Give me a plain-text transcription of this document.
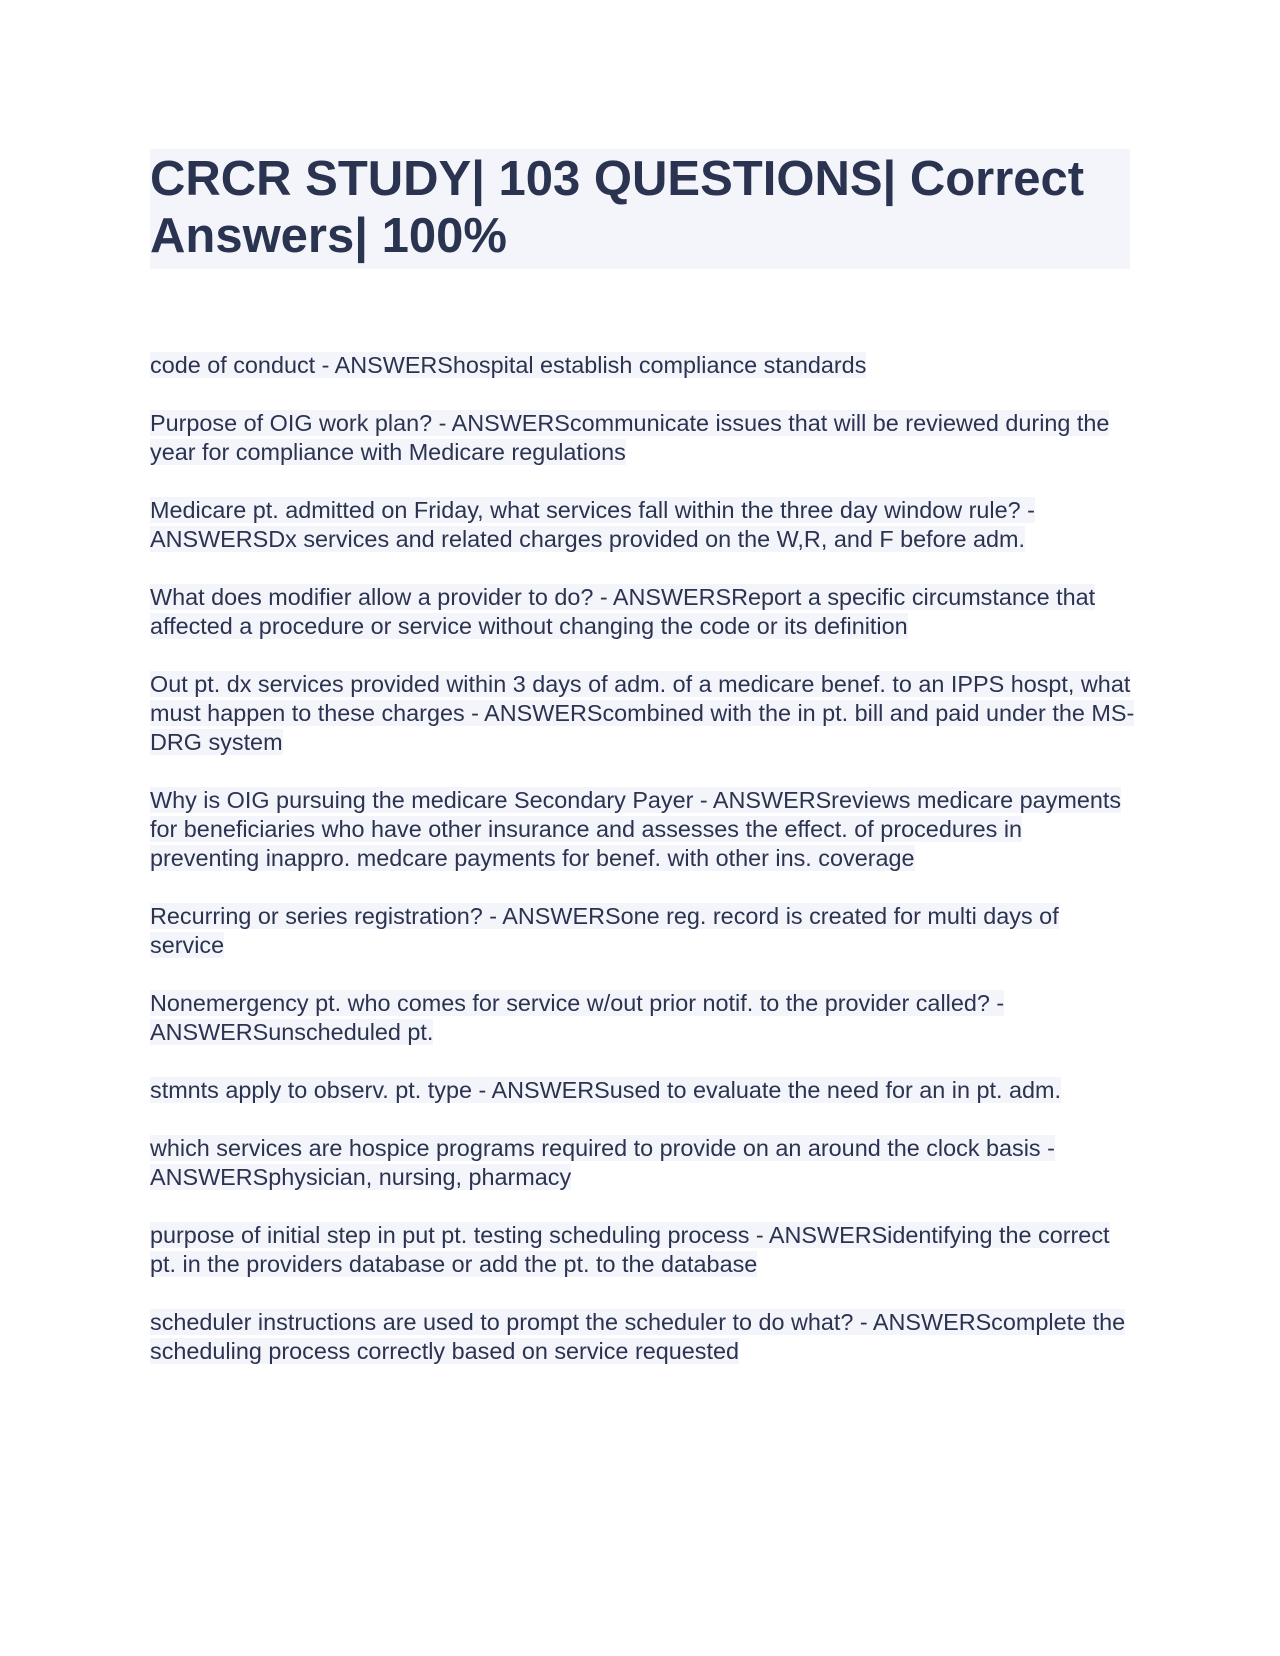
CRCR STUDY| 103 QUESTIONS| Correct Answers| 100%
code of conduct - ANSWERShospital establish compliance standards
Purpose of OIG work plan? - ANSWERScommunicate issues that will be reviewed during the year for compliance with Medicare regulations
Medicare pt. admitted on Friday, what services fall within the three day window rule? - ANSWERSDx services and related charges provided on the W,R, and F before adm.
What does modifier allow a provider to do? - ANSWERSReport a specific circumstance that affected a procedure or service without changing the code or its definition
Out pt. dx services provided within 3 days of adm. of a medicare benef. to an IPPS hospt, what must happen to these charges - ANSWERScombined with the in pt. bill and paid under the MS-DRG system
Why is OIG pursuing the medicare Secondary Payer - ANSWERSreviews medicare payments for beneficiaries who have other insurance and assesses the effect. of procedures in preventing inappro. medcare payments for benef. with other ins. coverage
Recurring or series registration? - ANSWERSone reg. record is created for multi days of service
Nonemergency pt. who comes for service w/out prior notif. to the provider called? - ANSWERSunscheduled pt.
stmnts apply to observ. pt. type - ANSWERSused to evaluate the need for an in pt. adm.
which services are hospice programs required to provide on an around the clock basis - ANSWERSphysician, nursing, pharmacy
purpose of initial step in put pt. testing scheduling process - ANSWERSidentifying the correct pt. in the providers database or add the pt. to the database
scheduler instructions are used to prompt the scheduler to do what? - ANSWERScomplete the scheduling process correctly based on service requested
